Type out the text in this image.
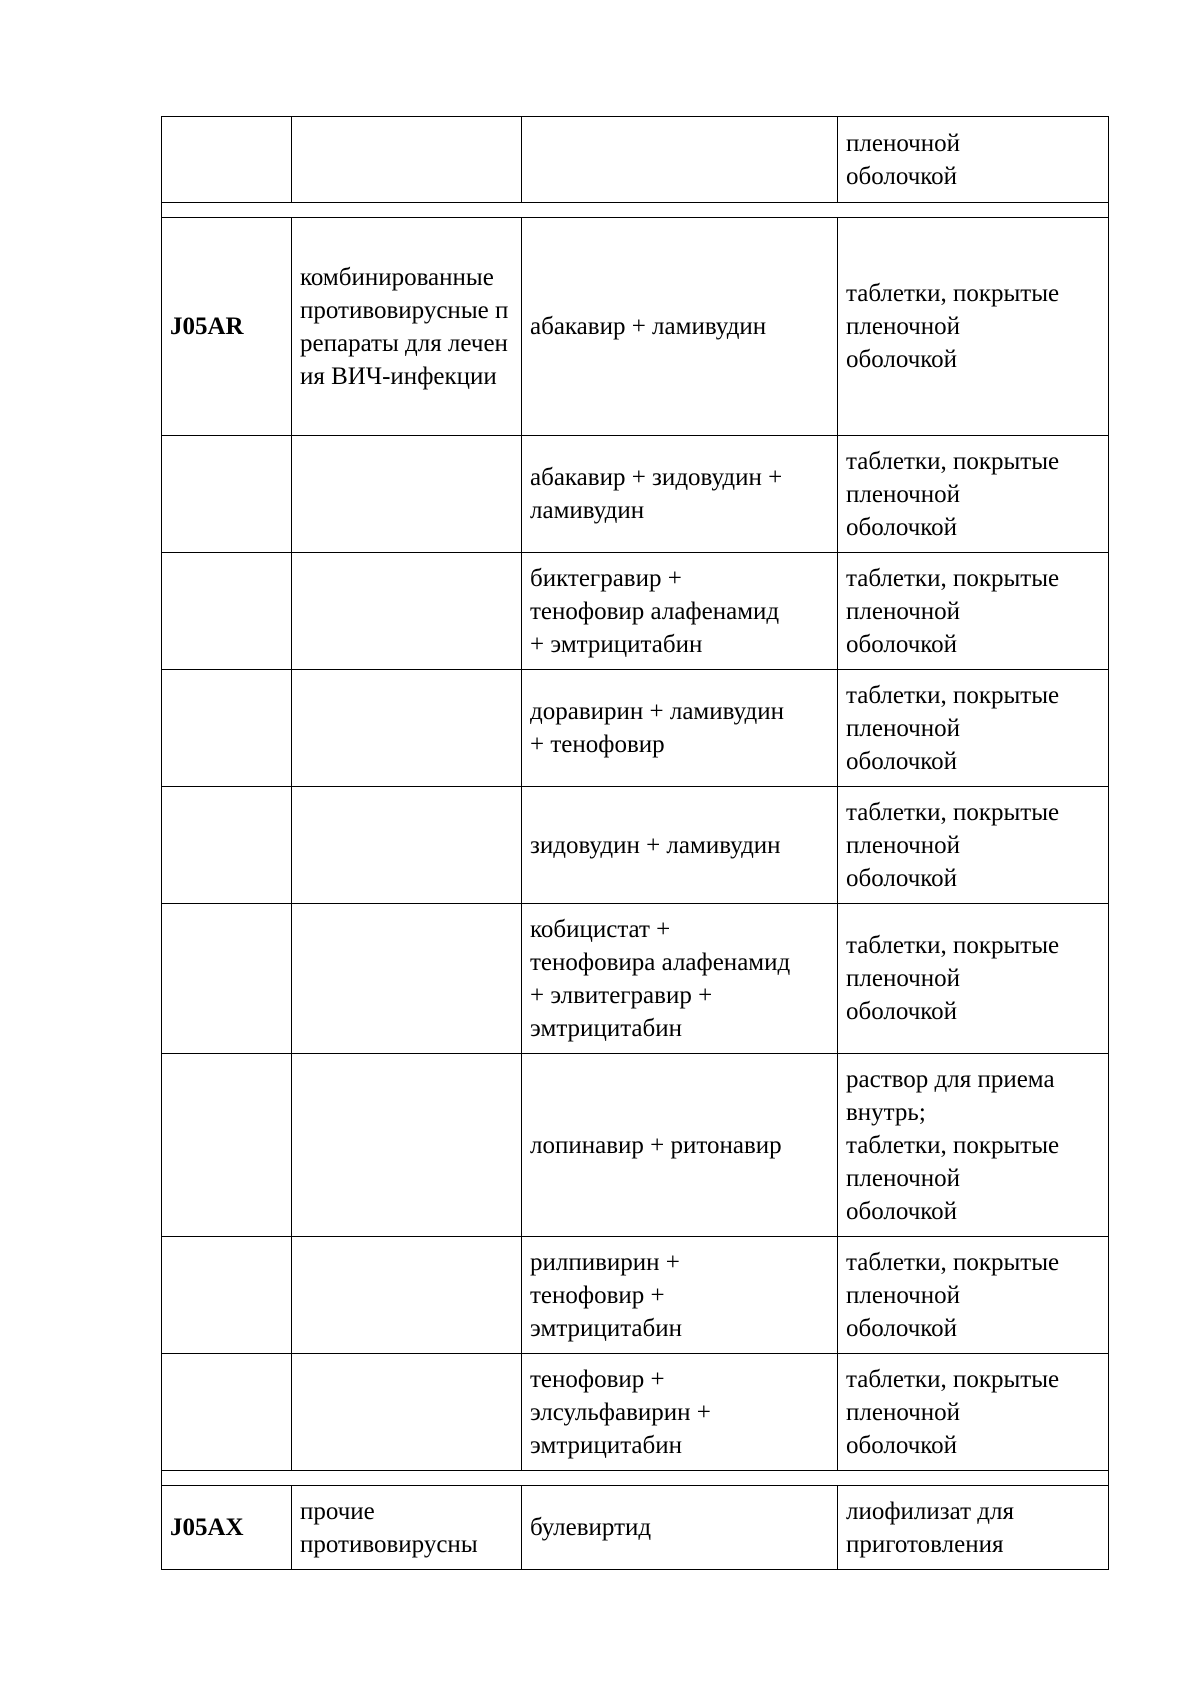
			пленочной
оболочкой

J05AR	комбинированные противовирусные препараты для лечения ВИЧ-инфекции	абакавир + ламивудин	таблетки, покрытые
пленочной
оболочкой

		абакавир + зидовудин +
ламивудин	таблетки, покрытые
пленочной
оболочкой

		биктегравир +
тенофовир алафенамид
+ эмтрицитабин	таблетки, покрытые
пленочной
оболочкой

		доравирин + ламивудин
+ тенофовир	таблетки, покрытые
пленочной
оболочкой

		зидовудин + ламивудин	таблетки, покрытые
пленочной
оболочкой

		кобицистат +
тенофовира алафенамид
+ элвитегравир +
эмтрицитабин	таблетки, покрытые
пленочной
оболочкой

		лопинавир + ритонавир	раствор для приема
внутрь;
таблетки, покрытые
пленочной
оболочкой

		рилпивирин +
тенофовир +
эмтрицитабин	таблетки, покрытые
пленочной
оболочкой

		тенофовир +
элсульфавирин +
эмтрицитабин	таблетки, покрытые
пленочной
оболочкой

J05AX	прочие
противовирусны	булевиртид	лиофилизат для
приготовления
